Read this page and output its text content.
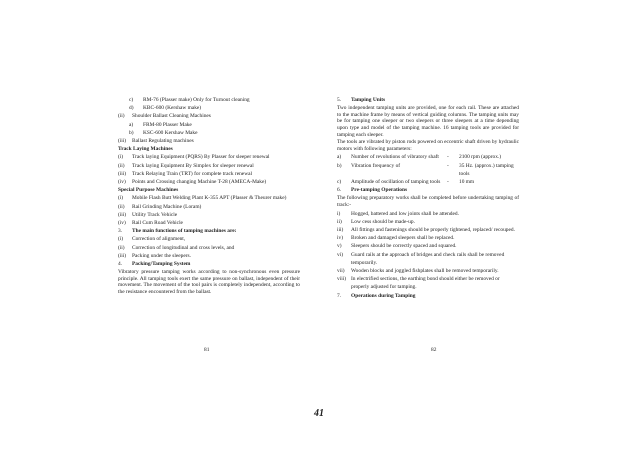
c)	RM-76 (Plasser make) Only for Turnout cleaning
d)	KBC-600 (Kershaw make)
(ii)	Shoulder Ballast Cleaning Machines
a)	FRM-80 Plasser Make
b)	KSC-600 Kershaw Make
(iii)	Ballast Regulating machines
Track Laying Machines
(i)	Track laying Equipment (PQRS) By Plasser for sleeper renewal
(ii)	Track laying Equipment By Simplex for sleeper renewal
(iii)	Track Relaying Train (TRT) for complete track renewal
(iv)	Points and Crossing changing Machine T-28 (AMECA-Make)
Special Purpose Machines
(i)	Mobile Flash Butt Welding Plant K-355 APT (Plasser & Theurer make)
(ii)	Rail Grinding Machine (Loram)
(iii)	Utility Track Vehicle
(iv)	Rail Cum Road Vehicle
3.	The main functions of tamping machines are:
(i)	Correction of alignment,
(ii)	Correction of longitudinal and cross levels, and
(iii)	Packing under the sleepers.
4.	Packing/Tamping System
Vibratory pressure tamping works according to non-synchronous even pressure principle. All tamping tools exert the same pressure on ballast, independent of their movement. The movement of the tool pairs is completely independent, according to the resistance encountered from the ballast.
5.	Tamping Units
Two independent tamping units are provided, one for each rail. These are attached to the machine frame by means of vertical guiding columns. The tamping units may be for tamping one sleeper or two sleepers or three sleepers at a time depending upon type and model of the tamping machine. 16 tamping tools are provided for tamping each sleeper.
The tools are vibrated by piston rods powered on eccentric shaft driven by hydraulic motors with following parameters:
a)	Number of revolutions of vibratory shaft	-	2100 rpm (approx.)
b)	Vibration frequency of	-	35 Hz. (approx.) tamping tools
c)	Amplitude of oscillation of tamping tools	-	10 mm
6.	Pre-tamping Operations
The following preparatory works shall be completed before undertaking tamping of track:-
i)	Hogged, battered and low joints shall be attended.
ii)	Low cess should be made-up.
iii)	All fittings and fastenings should be properly tightened, replaced/ recouped.
iv)	Broken and damaged sleepers shall be replaced.
v)	Sleepers should be correctly spaced and squared.
vi)	Guard rails at the approach of bridges and check rails shall be removed temporarily.
vii)	Wooden blocks and joggled fishplates shall be removed temporarily.
viii) In electrified sections, the earthing bond should either be removed or properly adjusted for tamping.
7.	Operations during Tamping
81	82
41
